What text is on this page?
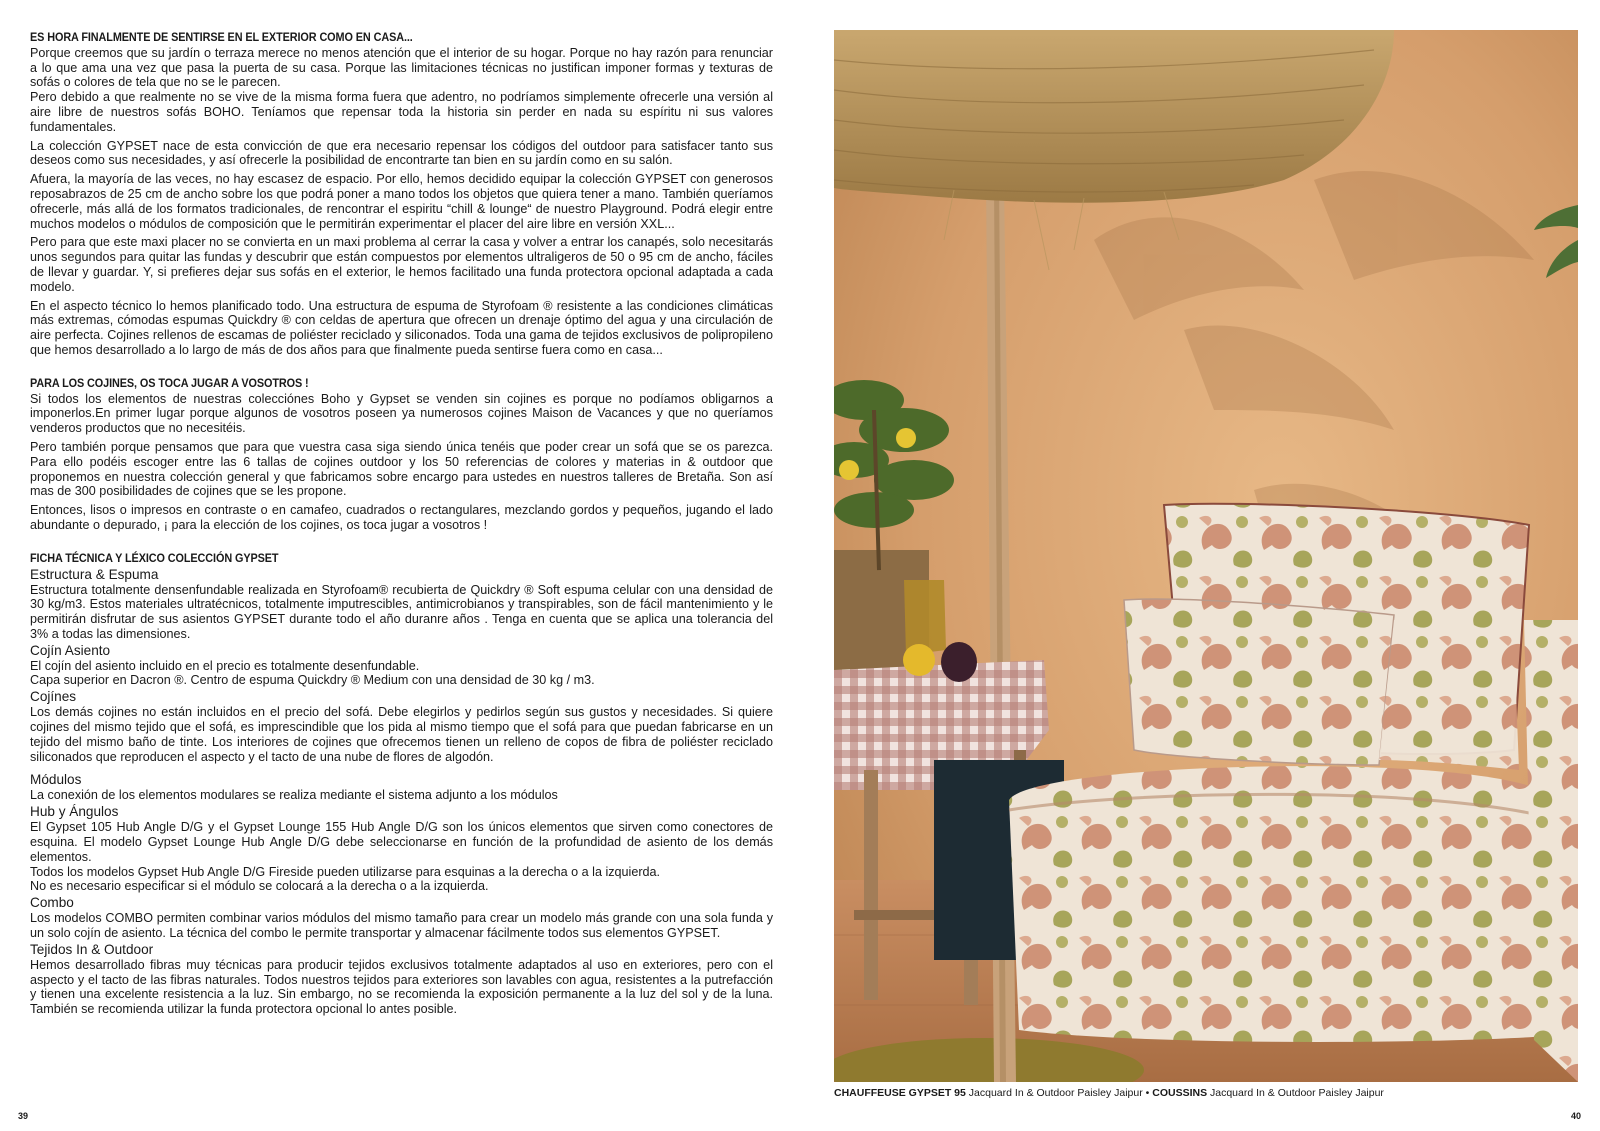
ES HORA FINALMENTE DE SENTIRSE EN EL EXTERIOR COMO EN CASA...

Porque creemos que su jardín o terraza merece no menos atención que el interior de su hogar. Porque no hay razón para renunciar a lo que ama una vez que pasa la puerta de su casa. Porque las limitaciones técnicas no justifican imponer formas y texturas de sofás o colores de tela que no se le parecen.
Pero debido a que realmente no se vive de la misma forma fuera que adentro, no podríamos simplemente ofrecerle una versión al aire libre de nuestros sofás BOHO. Teníamos que repensar toda la historia sin perder en nada su espíritu ni sus valores fundamentales.

La colección GYPSET nace de esta convicción de que era necesario repensar los códigos del outdoor para satisfacer tanto sus deseos como sus necesidades, y así ofrecerle la posibilidad de encontrarte tan bien en su jardín como en su salón.

Afuera, la mayoría de las veces, no hay escasez de espacio. Por ello, hemos decidido equipar la colección GYPSET con generosos reposabrazos de 25 cm de ancho sobre los que podrá poner a mano todos los objetos que quiera tener a mano. También queríamos ofrecerle, más allá de los formatos tradicionales, de rencontrar el espiritu “chill & lounge“ de nuestro Playground. Podrá elegir entre muchos modelos o módulos de composición que le permitirán experimentar el placer del aire libre en versión XXL...

Pero para que este maxi placer no se convierta en un maxi problema al cerrar la casa y volver a entrar los canapés, solo necesitarás unos segundos para quitar las fundas y descubrir que están compuestos por elementos ultraligeros de 50 o 95 cm de ancho, fáciles de llevar y guardar. Y, si prefieres dejar sus sofás en el exterior, le hemos facilitado una funda protectora opcional adaptada a cada modelo.

En el aspecto técnico lo hemos planificado todo. Una estructura de espuma de Styrofoam ® resistente a las condiciones climáticas más extremas, cómodas espumas Quickdry ® con celdas de apertura que ofrecen un drenaje óptimo del agua y una circulación de aire perfecta. Cojines rellenos de escamas de poliéster reciclado y siliconados. Toda una gama de tejidos exclusivos de polipropileno que hemos desarrollado a lo largo de más de dos años para que finalmente pueda sentirse fuera como en casa...

PARA LOS COJINES, OS TOCA JUGAR A VOSOTROS !

Si todos los elementos de nuestras colecciónes Boho y Gypset se venden sin cojines es porque no podíamos obligarnos a imponerlos.En primer lugar porque algunos de vosotros poseen ya numerosos cojines Maison de Vacances y que no queríamos venderos productos que no necesitéis.

Pero también porque pensamos que para que vuestra casa siga siendo única tenéis que poder crear un sofá que se os parezca. Para ello podéis escoger entre las 6 tallas de cojines outdoor y los 50 referencias de colores y materias in & outdoor que proponemos en nuestra colección general y que fabricamos sobre encargo para ustedes en nuestros talleres de Bretaña. Son así mas de 300 posibilidades de cojines que se les propone.

Entonces, lisos o impresos en contraste o en camafeo, cuadrados o rectangulares, mezclando gordos y pequeños, jugando el lado abundante o depurado, ¡ para la elección de los cojines, os toca jugar a vosotros !

FICHA TÉCNICA Y LÉXICO COLECCIÓN GYPSET
Estructura & Espuma

Estructura totalmente densenfundable realizada en Styrofoam® recubierta de Quickdry ® Soft espuma celular con una densidad de 30 kg/m3. Estos materiales ultratécnicos, totalmente imputrescibles, antimicrobianos y transpirables, son de fácil mantenimiento y le permitirán disfrutar de sus asientos GYPSET durante todo el año duranre años . Tenga en cuenta que se aplica una tolerancia del 3% a todas las dimensiones.

Cojín Asiento

El cojín del asiento incluido en el precio es totalmente desenfundable.
Capa superior en Dacron ®. Centro de espuma Quickdry ® Medium con una densidad de 30 kg / m3.

Cojínes

Los demás cojines no están incluidos en el precio del sofá. Debe elegirlos y pedirlos según sus gustos y necesidades. Si quiere cojines del mismo tejido que el sofá, es imprescindible que los pida al mismo tiempo que el sofá para que puedan fabricarse en un tejido del mismo baño de tinte. Los interiores de cojines que ofrecemos tienen un relleno de copos de fibra de poliéster reciclado siliconados que reproducen el aspecto y el tacto de una nube de flores de algodón.

Módulos

La conexión de los elementos modulares se realiza mediante el sistema adjunto a los módulos

Hub y Ángulos

El Gypset 105 Hub Angle D/G y el Gypset Lounge 155 Hub Angle D/G son los únicos elementos que sirven como conectores de esquina. El modelo Gypset Lounge Hub Angle D/G debe seleccionarse en función de la profundidad de asiento de los demás elementos.
Todos los modelos Gypset Hub Angle D/G Fireside pueden utilizarse para esquinas a la derecha o a la izquierda.
No es necesario especificar si el módulo se colocará a la derecha o a la izquierda.

Combo

Los modelos COMBO permiten combinar varios módulos del mismo tamaño para crear un modelo más grande con una sola funda y un solo cojín de asiento. La técnica del combo le permite transportar y almacenar fácilmente todos sus elementos GYPSET.

Tejidos In & Outdoor

Hemos desarrollado fibras muy técnicas para producir tejidos exclusivos totalmente adaptados al uso en exteriores, pero con el aspecto y el tacto de las fibras naturales. Todos nuestros tejidos para exteriores son lavables con agua, resistentes a la putrefacción y tienen una excelente resistencia a la luz. Sin embargo, no se recomienda la exposición permanente a la luz del sol y de la luna. También se recomienda utilizar la funda protectora opcional lo antes posible.

39
CHAUFFEUSE GYPSET 95 Jacquard In & Outdoor Paisley Jaipur • COUSSINS Jacquard In & Outdoor Paisley Jaipur
40
